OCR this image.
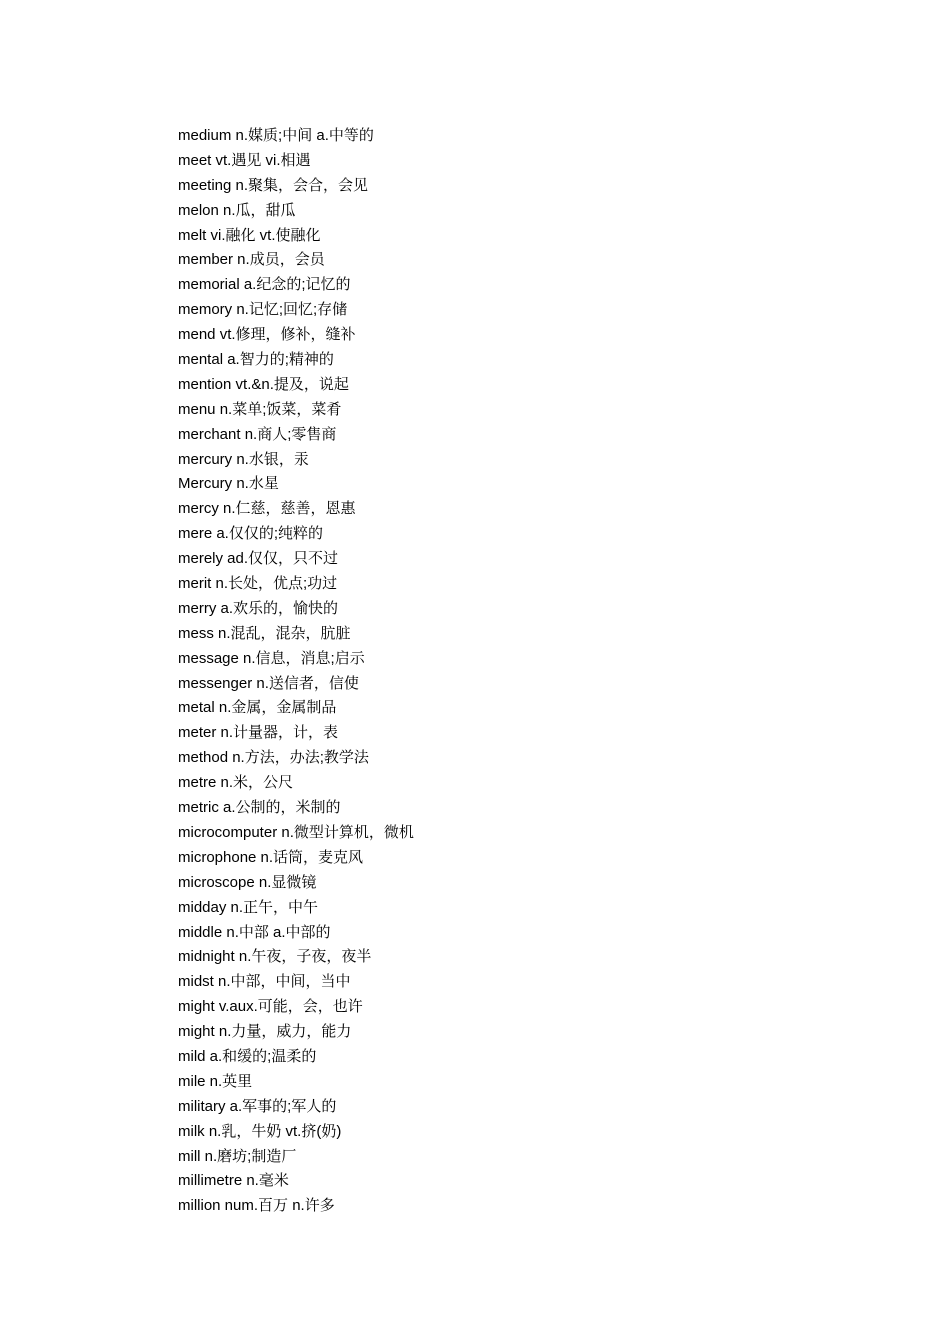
medium n.媒质;中间 a.中等的
meet vt.遇见 vi.相遇
meeting n.聚集，会合，会见
melon n.瓜，甜瓜
melt vi.融化 vt.使融化
member n.成员，会员
memorial a.纪念的;记忆的
memory n.记忆;回忆;存储
mend vt.修理，修补，缝补
mental a.智力的;精神的
mention vt.&n.提及，说起
menu n.菜单;饭菜，菜肴
merchant n.商人;零售商
mercury n.水银，汞
Mercury n.水星
mercy n.仁慈，慈善，恩惠
mere a.仅仅的;纯粹的
merely ad.仅仅，只不过
merit n.长处，优点;功过
merry a.欢乐的，愉快的
mess n.混乱，混杂，肮脏
message n.信息，消息;启示
messenger n.送信者，信使
metal n.金属，金属制品
meter n.计量器，计，表
method n.方法，办法;教学法
metre n.米，公尺
metric a.公制的，米制的
microcomputer n.微型计算机，微机
microphone n.话筒，麦克风
microscope n.显微镜
midday n.正午，中午
middle n.中部 a.中部的
midnight n.午夜，子夜，夜半
midst n.中部，中间，当中
might v.aux.可能，会，也许
might n.力量，威力，能力
mild a.和缓的;温柔的
mile n.英里
military a.军事的;军人的
milk n.乳，牛奶 vt.挤(奶)
mill n.磨坊;制造厂
millimetre n.毫米
million num.百万 n.许多
